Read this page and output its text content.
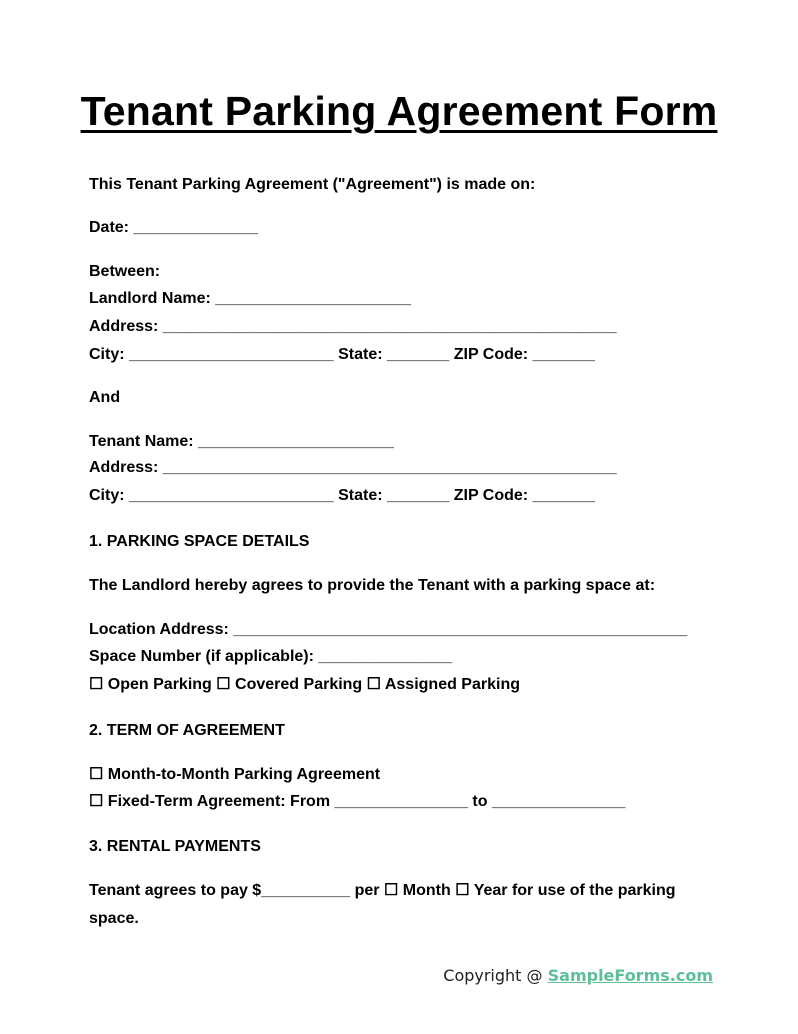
Tenant Parking Agreement Form
This Tenant Parking Agreement ("Agreement") is made on:
Date: ______________
Between:
Landlord Name: ______________________
Address: ___________________________________________________
City: _______________________ State: _______ ZIP Code: _______
And
Tenant Name: ______________________
Address: ___________________________________________________
City: _______________________ State: _______ ZIP Code: _______
1. PARKING SPACE DETAILS
The Landlord hereby agrees to provide the Tenant with a parking space at:
Location Address: ___________________________________________________
Space Number (if applicable): _______________
☐ Open Parking ☐ Covered Parking ☐ Assigned Parking
2. TERM OF AGREEMENT
☐ Month-to-Month Parking Agreement
☐ Fixed-Term Agreement: From _______________ to _______________
3. RENTAL PAYMENTS
Tenant agrees to pay $__________ per ☐ Month ☐ Year for use of the parking
space.
Copyright @ SampleForms.com
